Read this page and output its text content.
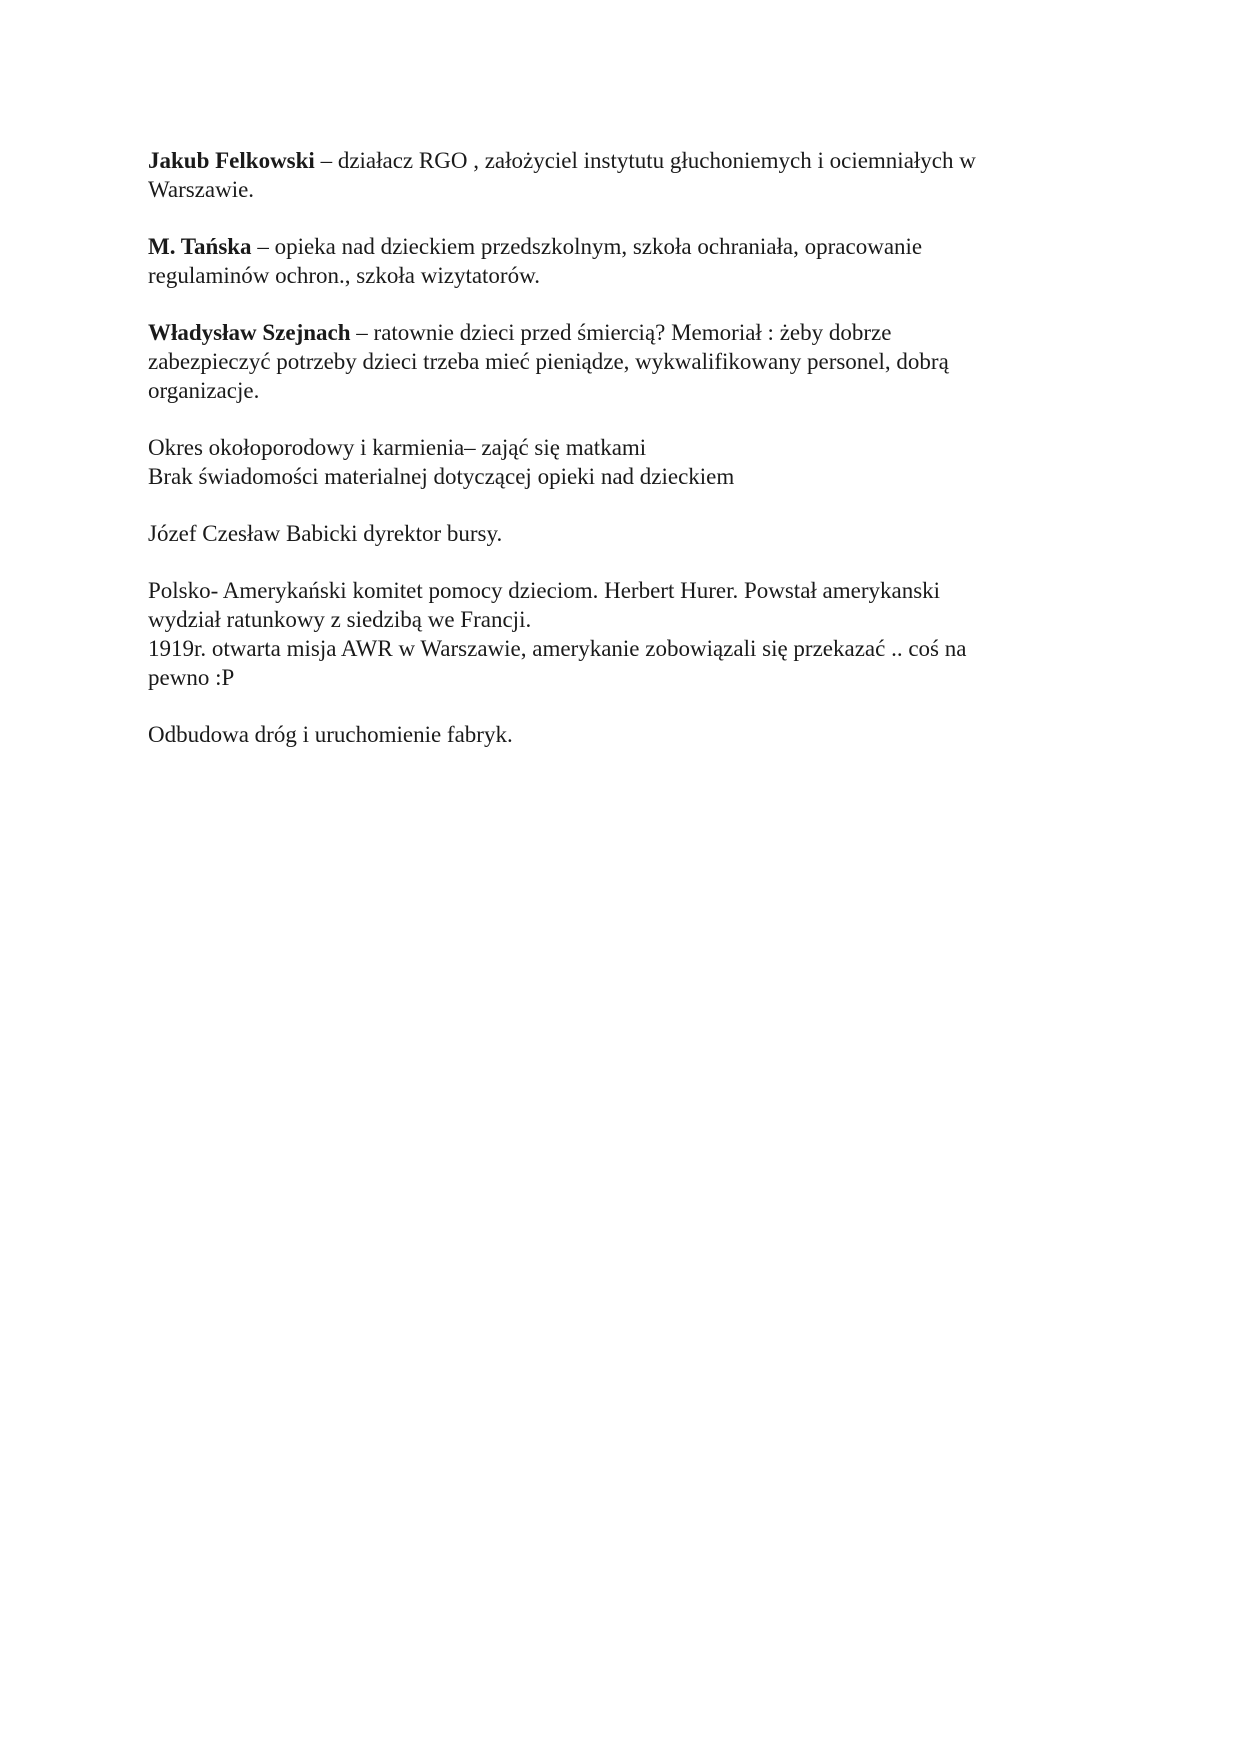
Jakub Felkowski – działacz RGO , założyciel instytutu głuchoniemych i ociemniałych w
Warszawie.

M. Tańska – opieka nad dzieckiem przedszkolnym, szkoła ochraniała, opracowanie
regulaminów ochron., szkoła wizytatorów.

Władysław Szejnach – ratownie dzieci przed śmiercią? Memoriał : żeby dobrze
zabezpieczyć potrzeby dzieci trzeba mieć pieniądze, wykwalifikowany personel, dobrą
organizacje.

Okres okołoporodowy i karmienia– zająć się matkami
Brak świadomości materialnej dotyczącej opieki nad dzieckiem

Józef Czesław Babicki dyrektor bursy.

Polsko- Amerykański komitet pomocy dzieciom. Herbert Hurer. Powstał amerykanski
wydział ratunkowy z siedzibą we Francji.
1919r. otwarta misja AWR w Warszawie, amerykanie zobowiązali się przekazać .. coś na
pewno :P

Odbudowa dróg i uruchomienie fabryk.
